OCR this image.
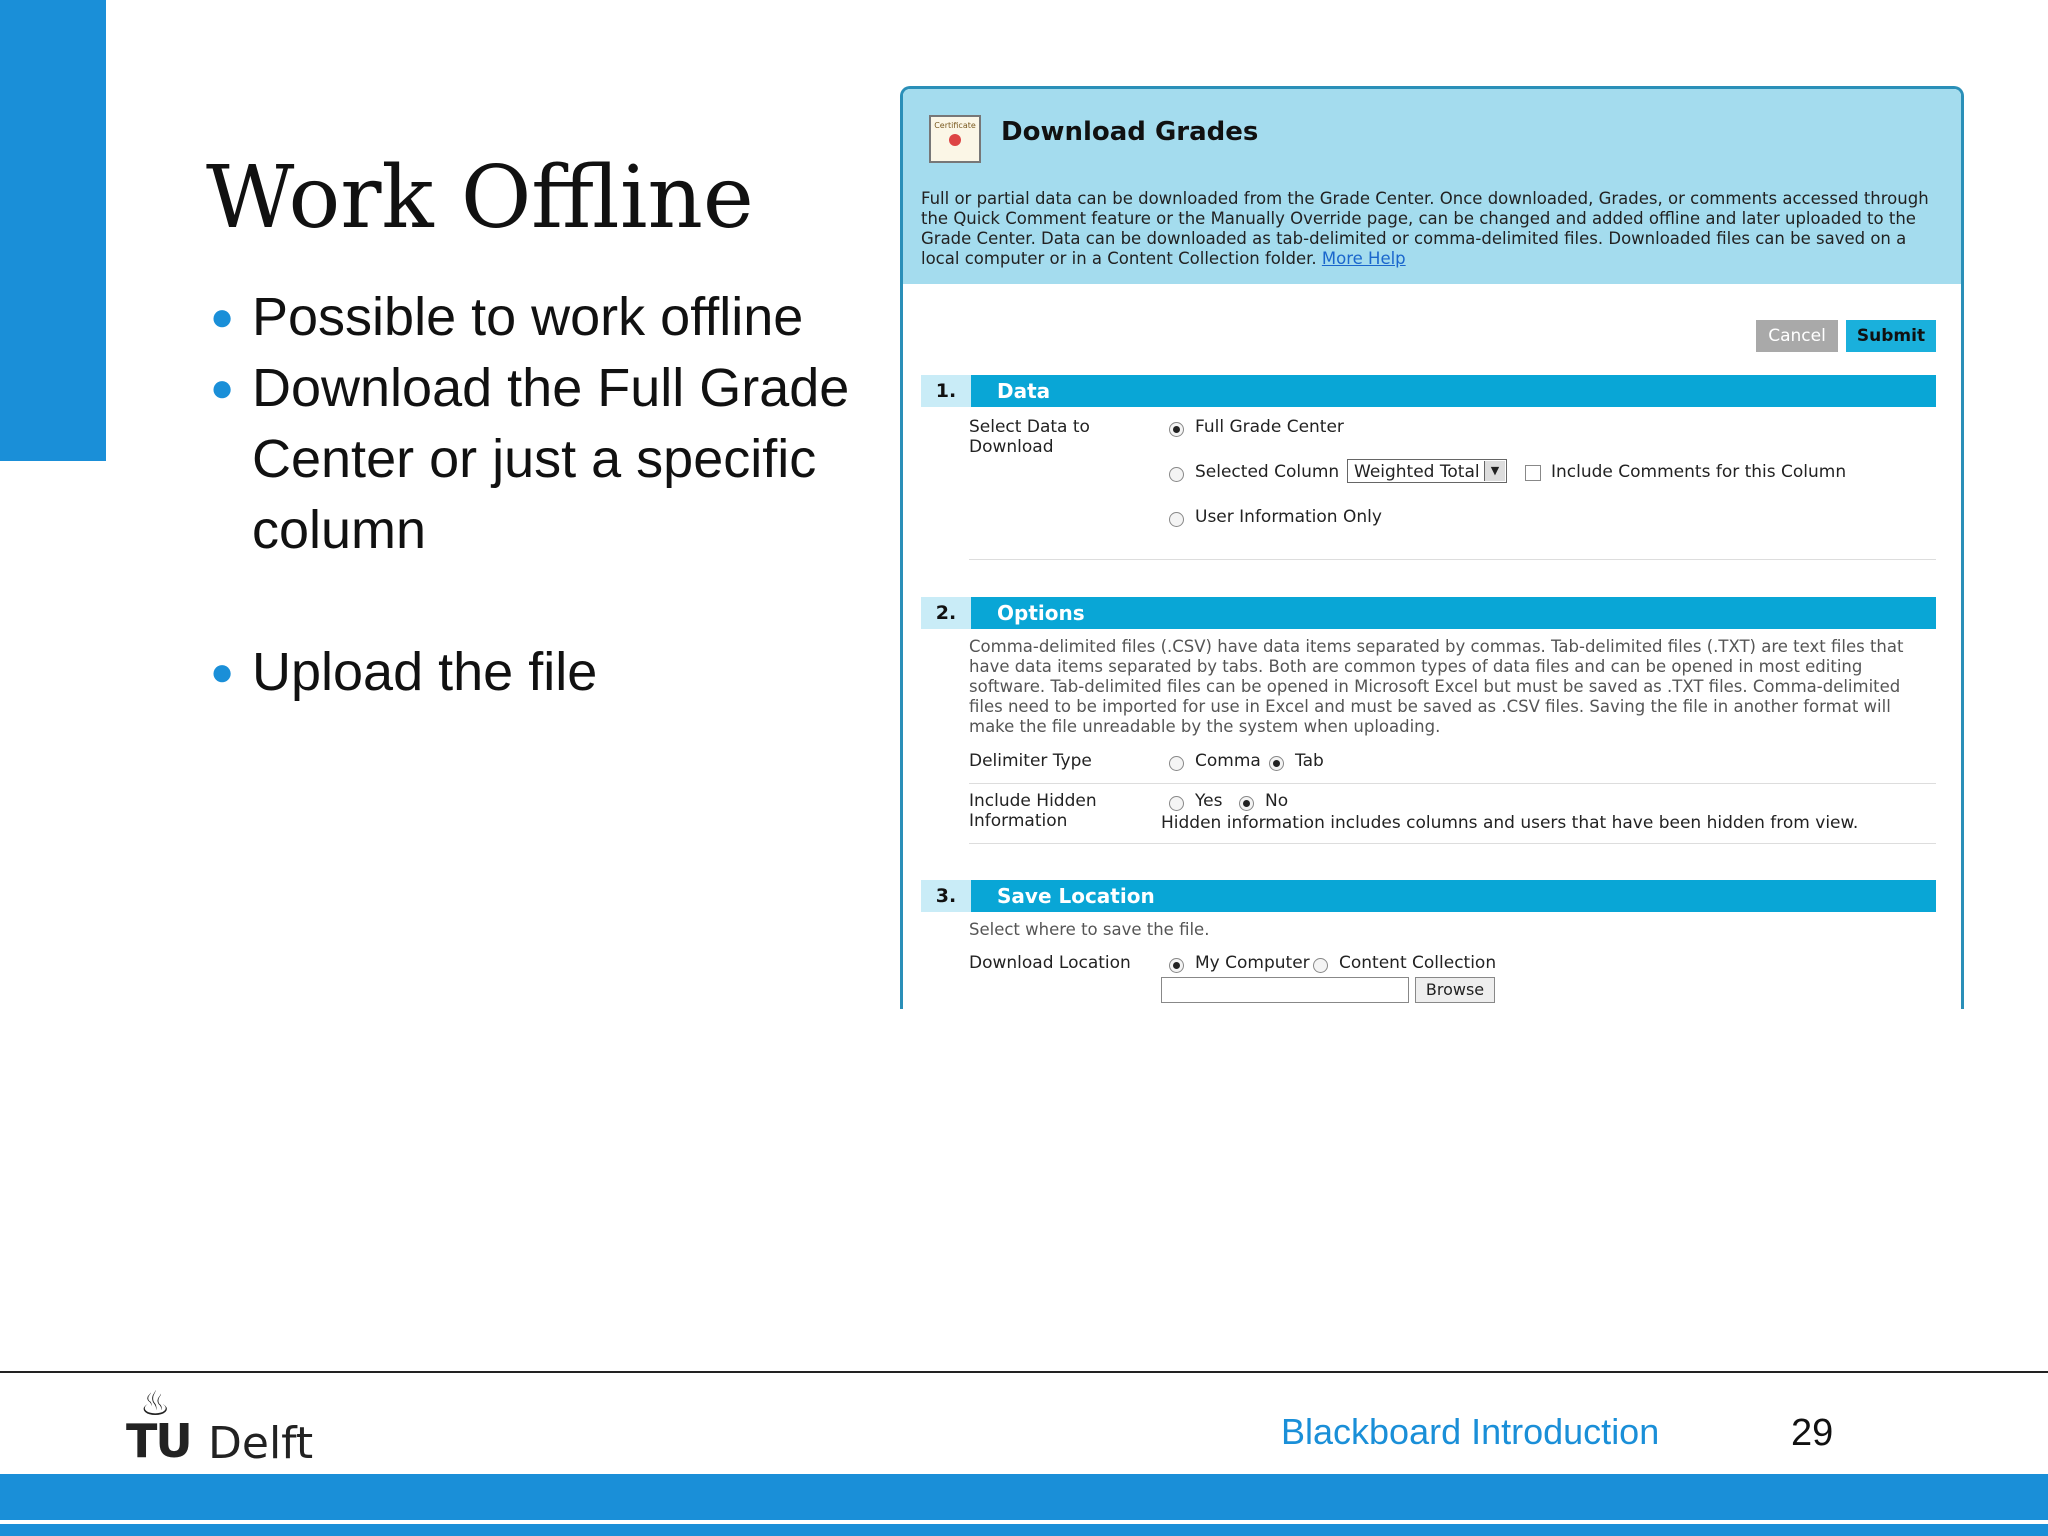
Work Offline
● Possible to work offline
● Download the Full Grade Center or just a specific column
● Upload the file
Certificate Download Grades
Full or partial data can be downloaded from the Grade Center. Once downloaded, Grades, or comments accessed through the Quick Comment feature or the Manually Override page, can be changed and added offline and later uploaded to the Grade Center. Data can be downloaded as tab-delimited or comma-delimited files. Downloaded files can be saved on a local computer or in a Content Collection folder. More Help
Cancel	Submit
1.	Data
Select Data to Download
Full Grade Center
Selected Column Weighted Total	▼	Include Comments for this Column
User Information Only
2.	Options
Comma-delimited files (.CSV) have data items separated by commas. Tab-delimited files (.TXT) are text files that have data items separated by tabs. Both are common types of data files and can be opened in most editing software. Tab-delimited files can be opened in Microsoft Excel but must be saved as .TXT files. Comma-delimited files need to be imported for use in Excel and must be saved as .CSV files. Saving the file in another format will make the file unreadable by the system when uploading.
Delimiter Type	Comma Tab
Include Hidden Information
Yes	No
Hidden information includes columns and users that have been hidden from view.
3.	Save Location
Select where to save the file.
Download Location	My Computer Content Collection
Browse
♨
TU Delft	Blackboard Introduction	29
